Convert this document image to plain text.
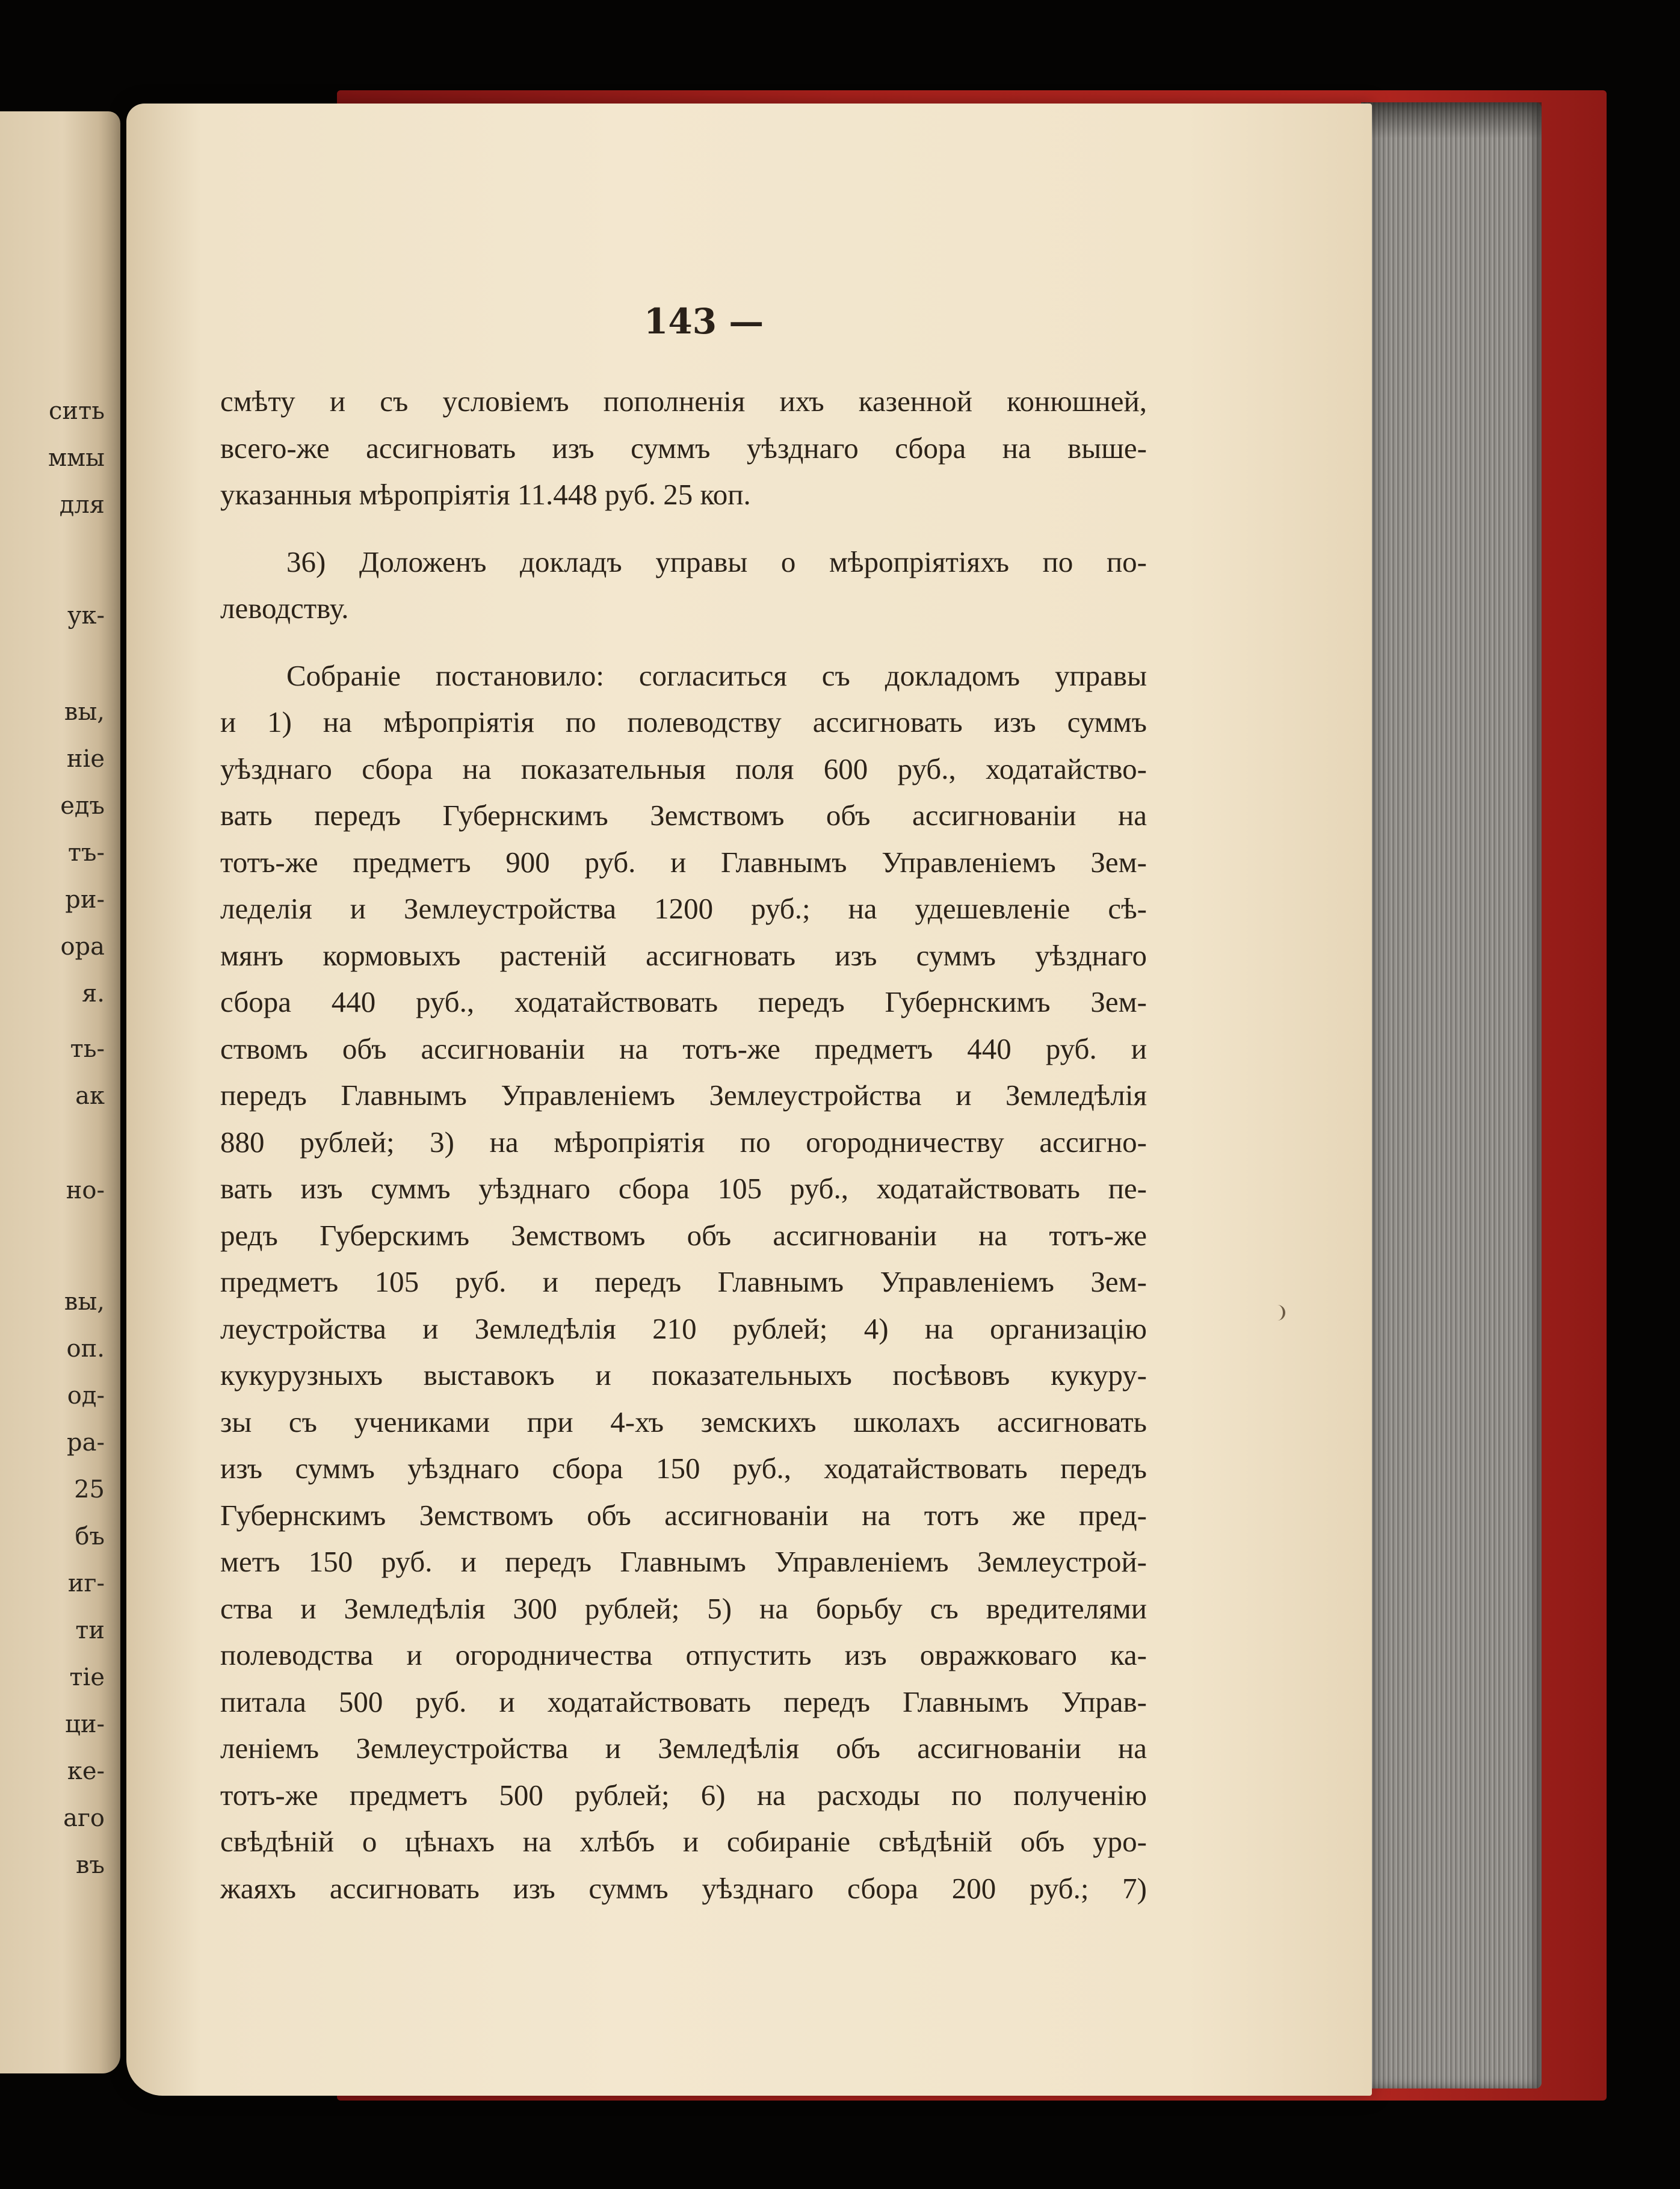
сить
ммы
для
ук-
вы,
ніе
едъ
тъ-
ри-
ора
я.
ть-
ак
но-
вы,
оп.
од-
ра-
25
бъ
иг-
ти
тіе
ци-
ке-
аго
въ
143 —
смѣту и съ условіемъ пополненія ихъ казенной конюшней,
всего-же ассигновать изъ суммъ уѣзднаго сбора на выше-
указанныя мѣропріятія 11.448 руб. 25 коп.
36) Доложенъ докладъ управы о мѣропріятіяхъ по по-
леводству.
Собраніе постановило: согласиться съ докладомъ управы
и 1) на мѣропріятія по полеводству ассигновать изъ суммъ
уѣзднаго сбора на показательныя поля 600 руб., ходатайство-
вать передъ Губернскимъ Земствомъ объ ассигнованіи на
тотъ-же предметъ 900 руб. и Главнымъ Управленіемъ Зем-
леделія и Землеустройства 1200 руб.; на удешевленіе сѣ-
мянъ кормовыхъ растеній ассигновать изъ суммъ уѣзднаго
сбора 440 руб., ходатайствовать передъ Губернскимъ Зем-
ствомъ объ ассигнованіи на тотъ-же предметъ 440 руб. и
передъ Главнымъ Управленіемъ Землеустройства и Земледѣлія
880 рублей; 3) на мѣропріятія по огородничеству ассигно-
вать изъ суммъ уѣзднаго сбора 105 руб., ходатайствовать пе-
редъ Губерскимъ Земствомъ объ ассигнованіи на тотъ-же
предметъ 105 руб. и передъ Главнымъ Управленіемъ Зем-
леустройства и Земледѣлія 210 рублей; 4) на организацію
кукурузныхъ выставокъ и показательныхъ посѣвовъ кукуру-
зы съ учениками при 4-хъ земскихъ школахъ ассигновать
изъ суммъ уѣзднаго сбора 150 руб., ходатайствовать передъ
Губернскимъ Земствомъ объ ассигнованіи на тотъ же пред-
метъ 150 руб. и передъ Главнымъ Управленіемъ Землеустрой-
ства и Земледѣлія 300 рублей; 5) на борьбу съ вредителями
полеводства и огородничества отпустить изъ овражковаго ка-
питала 500 руб. и ходатайствовать передъ Главнымъ Управ-
леніемъ Землеустройства и Земледѣлія объ ассигнованіи на
тотъ-же предметъ 500 рублей; 6) на расходы по полученію
свѣдѣній о цѣнахъ на хлѣбъ и собираніе свѣдѣній объ уро-
жаяхъ ассигновать изъ суммъ уѣзднаго сбора 200 руб.; 7)
